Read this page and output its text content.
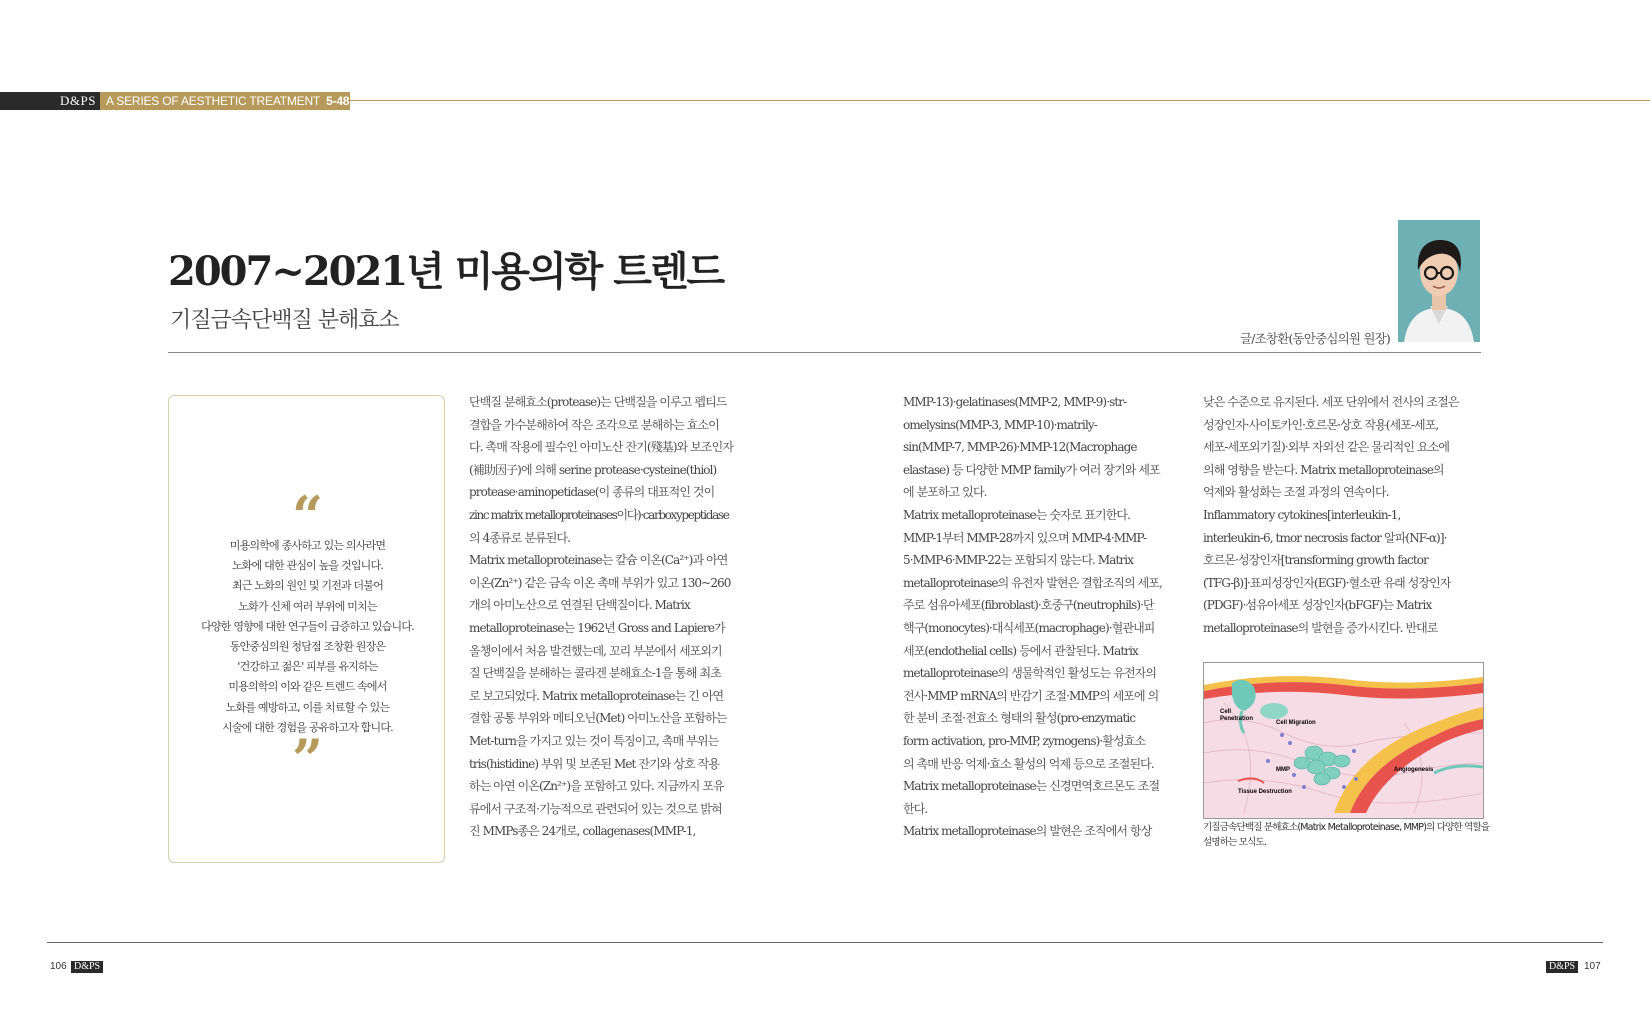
D&PS A SERIES OF AESTHETIC TREATMENT 5-48
2007~2021년 미용의학 트렌드
기질금속단백질 분해효소
글/조창환(동안중심의원 원장)
“
미용의학에 종사하고 있는 의사라면
노화에 대한 관심이 높을 것입니다.
최근 노화의 원인 및 기전과 더불어
노화가 신체 여러 부위에 미치는
다양한 영향에 대한 연구들이 급증하고 있습니다.
동안중심의원 청담점 조창환 원장은
'건강하고 젊은' 피부를 유지하는
미용의학의 이와 같은 트렌드 속에서
노화를 예방하고, 이를 치료할 수 있는
시술에 대한 경험을 공유하고자 합니다.
”
단백질 분해효소(protease)는 단백질을 이루고 펩티드
결합을 가수분해하여 작은 조각으로 분해하는 효소이
다. 촉매 작용에 필수인 아미노산 잔기(殘基)와 보조인자
(補助因子)에 의해 serine protease·cysteine(thiol)
protease·aminopetidase(이 종류의 대표적인 것이
zinc matrix metalloproteinases이다)·carboxypeptidase
의 4종류로 분류된다.
Matrix metalloproteinase는 칼슘 이온(Ca²⁺)과 아연
이온(Zn²⁺) 같은 금속 이온 촉매 부위가 있고 130~260
개의 아미노산으로 연결된 단백질이다. Matrix
metalloproteinase는 1962년 Gross and Lapiere가
올챙이에서 처음 발견했는데, 꼬리 부분에서 세포외기
질 단백질을 분해하는 콜라겐 분해효소-1을 통해 최초
로 보고되었다. Matrix metalloproteinase는 긴 아연
결합 공통 부위와 메티오닌(Met) 아미노산을 포함하는
Met-turn을 가지고 있는 것이 특징이고, 촉매 부위는
tris(histidine) 부위 및 보존된 Met 잔기와 상호 작용
하는 아연 이온(Zn²⁺)을 포함하고 있다. 지금까지 포유
류에서 구조적·기능적으로 관련되어 있는 것으로 밝혀
진 MMPs종은 24개로, collagenases(MMP-1,
MMP-13)·gelatinases(MMP-2, MMP-9)·str-
omelysins(MMP-3, MMP-10)·matrily-
sin(MMP-7, MMP-26)·MMP-12(Macrophage
elastase) 등 다양한 MMP family가 여러 장기와 세포
에 분포하고 있다.
Matrix metalloproteinase는 숫자로 표기한다.
MMP-1부터 MMP-28까지 있으며 MMP-4·MMP-
5·MMP-6·MMP-22는 포함되지 않는다. Matrix
metalloproteinase의 유전자 발현은 결합조직의 세포,
주로 섬유아세포(fibroblast)·호중구(neutrophils)·단
핵구(monocytes)·대식세포(macrophage)·혈관내피
세포(endothelial cells) 등에서 관찰된다. Matrix
metalloproteinase의 생물학적인 활성도는 유전자의
전사·MMP mRNA의 반감기 조절·MMP의 세포에 의
한 분비 조절·전효소 형태의 활성(pro-enzymatic
form activation, pro-MMP, zymogens)·활성효소
의 촉매 반응 억제·효소 활성의 억제 등으로 조절된다.
Matrix metalloproteinase는 신경면역호르몬도 조절
한다.
Matrix metalloproteinase의 발현은 조직에서 항상
낮은 수준으로 유지된다. 세포 단위에서 전사의 조절은
성장인자·사이토카인·호르몬·상호 작용(세포-세포,
세포-세포외기질)·외부 자외선 같은 물리적인 요소에
의해 영향을 받는다. Matrix metalloproteinase의
억제와 활성화는 조절 과정의 연속이다.
Inflammatory cytokines[interleukin-1,
interleukin-6, tmor necrosis factor 알파(NF-α)]·
호르몬·성장인자[transforming growth factor
(TFG-β)]·표피성장인자(EGF)·혈소판 유래 성장인자
(PDGF)·섬유아세포 성장인자(bFGF)는 Matrix
metalloproteinase의 발현을 증가시킨다. 반대로
Cell
Penetration
Cell Migration
MMP	Angiogenesis
Tissue Destruction
기질금속단백질 분해효소(Matrix Metalloproteinase, MMP)의 다양한 역할을
설명하는 모식도.
106 D&PS	D&PS 107
